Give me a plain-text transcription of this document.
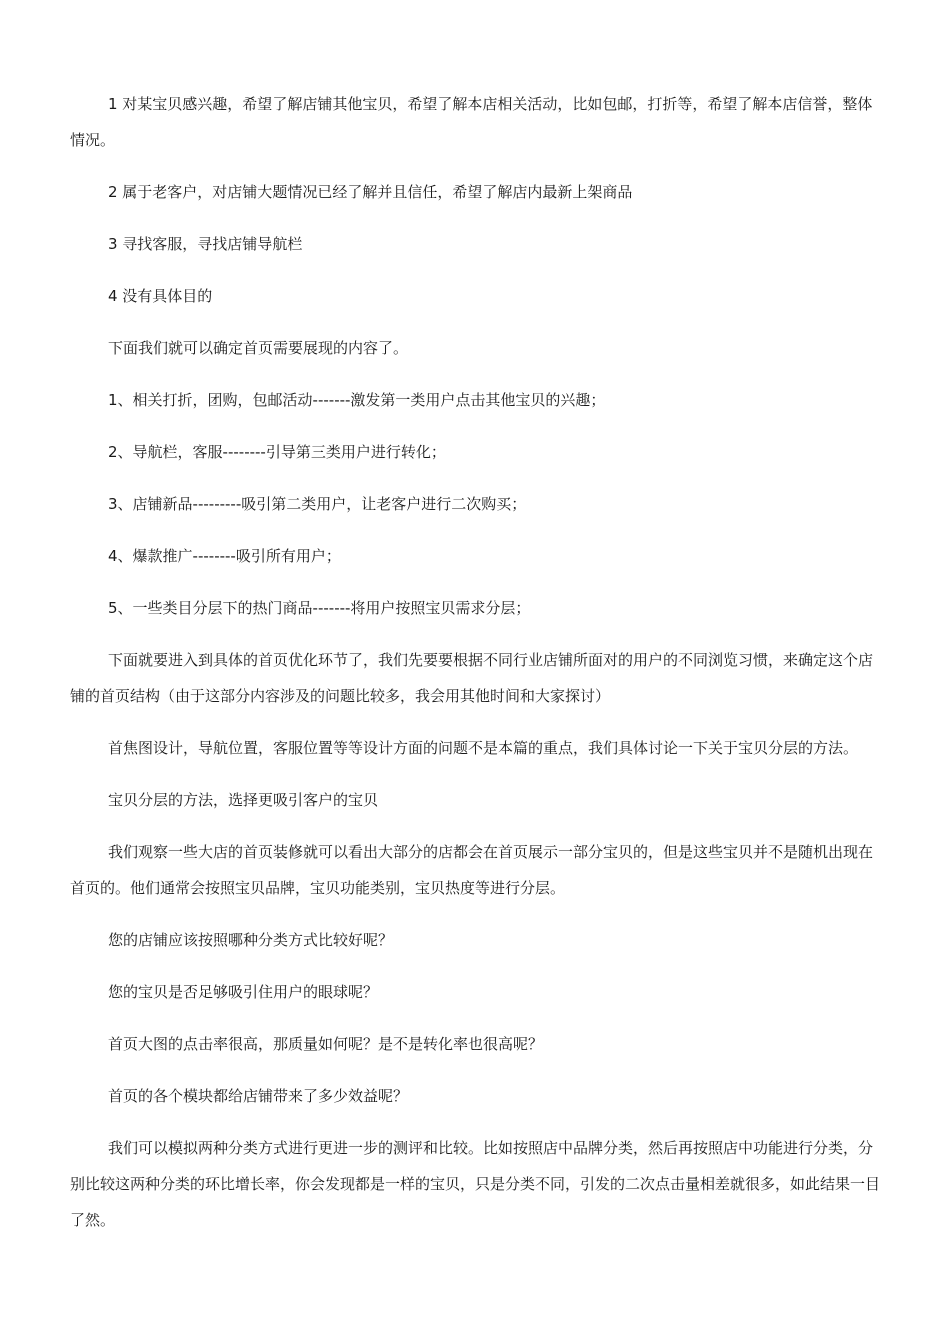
1 对某宝贝感兴趣，希望了解店铺其他宝贝，希望了解本店相关活动，比如包邮，打折等，希望了解本店信誉，整体情况。

2 属于老客户，对店铺大题情况已经了解并且信任，希望了解店内最新上架商品

3 寻找客服，寻找店铺导航栏

4 没有具体目的

下面我们就可以确定首页需要展现的内容了。

1、相关打折，团购，包邮活动-------激发第一类用户点击其他宝贝的兴趣；

2、导航栏，客服--------引导第三类用户进行转化；

3、店铺新品---------吸引第二类用户，让老客户进行二次购买；

4、爆款推广--------吸引所有用户；

5、一些类目分层下的热门商品-------将用户按照宝贝需求分层；

下面就要进入到具体的首页优化环节了，我们先要要根据不同行业店铺所面对的用户的不同浏览习惯，来确定这个店铺的首页结构（由于这部分内容涉及的问题比较多，我会用其他时间和大家探讨）

首焦图设计，导航位置，客服位置等等设计方面的问题不是本篇的重点，我们具体讨论一下关于宝贝分层的方法。

宝贝分层的方法，选择更吸引客户的宝贝

我们观察一些大店的首页装修就可以看出大部分的店都会在首页展示一部分宝贝的，但是这些宝贝并不是随机出现在首页的。他们通常会按照宝贝品牌，宝贝功能类别，宝贝热度等进行分层。

您的店铺应该按照哪种分类方式比较好呢？

您的宝贝是否足够吸引住用户的眼球呢？

首页大图的点击率很高，那质量如何呢？是不是转化率也很高呢？

首页的各个模块都给店铺带来了多少效益呢？

我们可以模拟两种分类方式进行更进一步的测评和比较。比如按照店中品牌分类，然后再按照店中功能进行分类，分别比较这两种分类的环比增长率，你会发现都是一样的宝贝，只是分类不同，引发的二次点击量相差就很多，如此结果一目了然。
